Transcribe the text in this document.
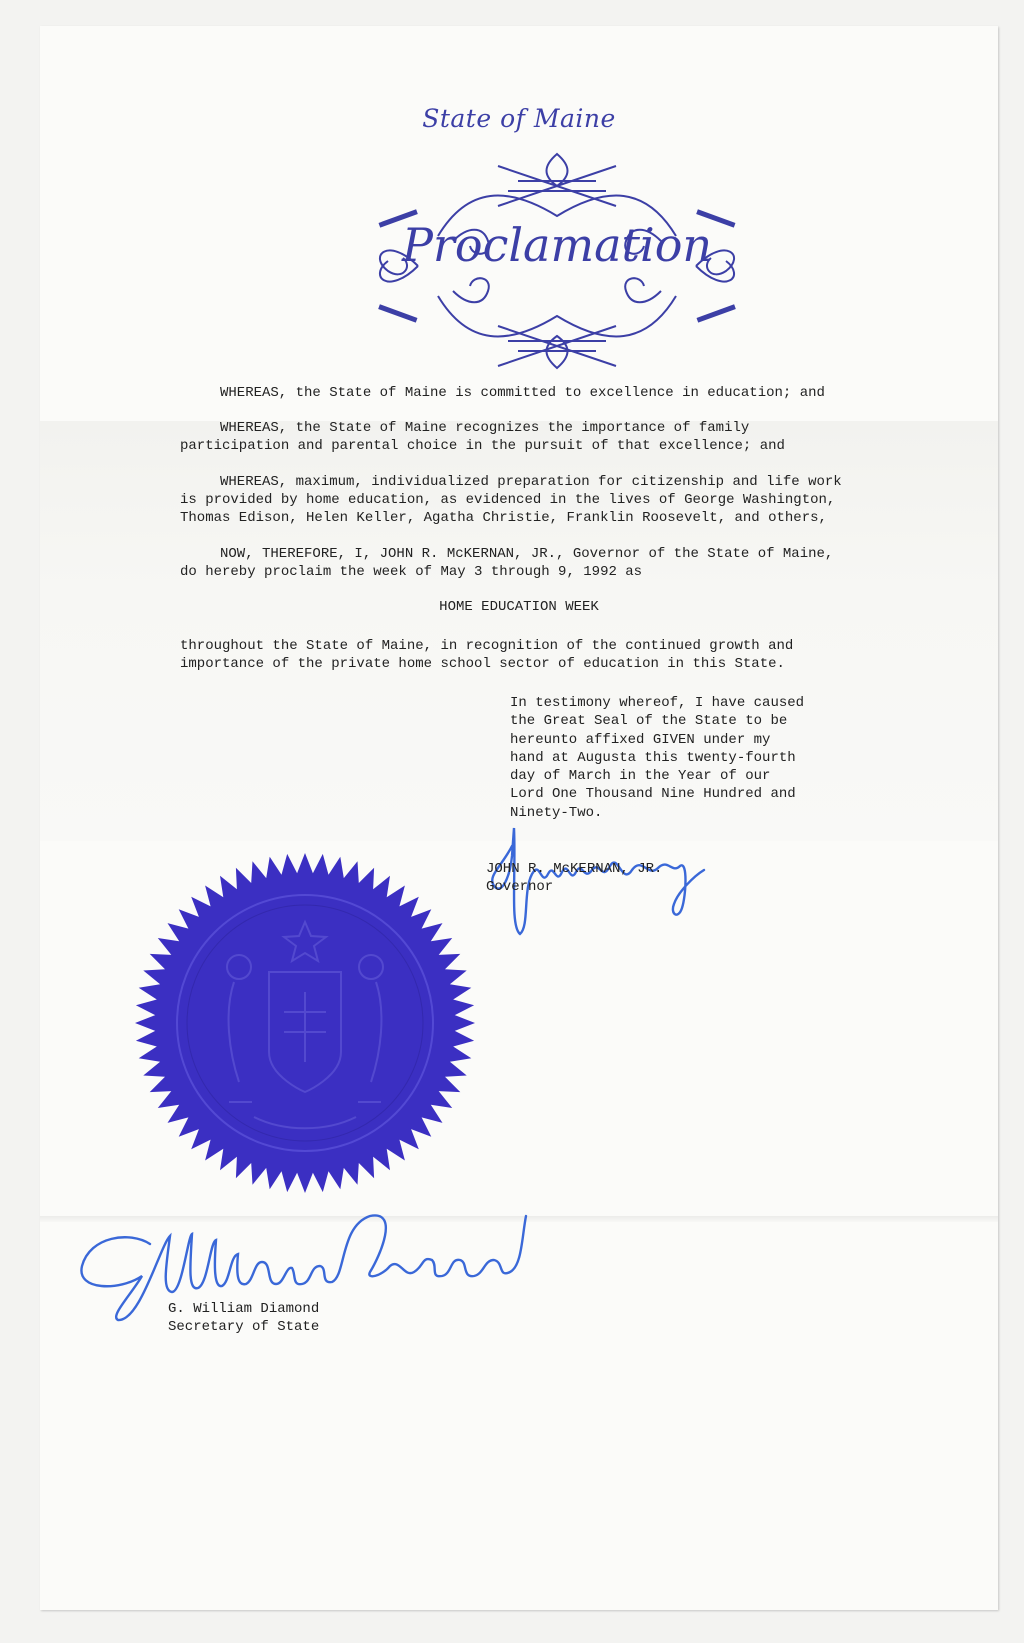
State of Maine
Proclamation
WHEREAS, the State of Maine is committed to excellence in education; and
WHEREAS, the State of Maine recognizes the importance of family
participation and parental choice in the pursuit of that excellence; and
WHEREAS, maximum, individualized preparation for citizenship and life work
is provided by home education, as evidenced in the lives of George Washington,
Thomas Edison, Helen Keller, Agatha Christie, Franklin Roosevelt, and others,
NOW, THEREFORE, I, JOHN R. McKERNAN, JR., Governor of the State of Maine,
do hereby proclaim the week of May 3 through 9, 1992 as
HOME EDUCATION WEEK
throughout the State of Maine, in recognition of the continued growth and
importance of the private home school sector of education in this State.
In testimony whereof, I have caused
the Great Seal of the State to be
hereunto affixed GIVEN under my
hand at Augusta this twenty-fourth
day of March in the Year of our
Lord One Thousand Nine Hundred and
Ninety-Two.
JOHN R. McKERNAN, JR.
Governor
G. William Diamond
Secretary of State
